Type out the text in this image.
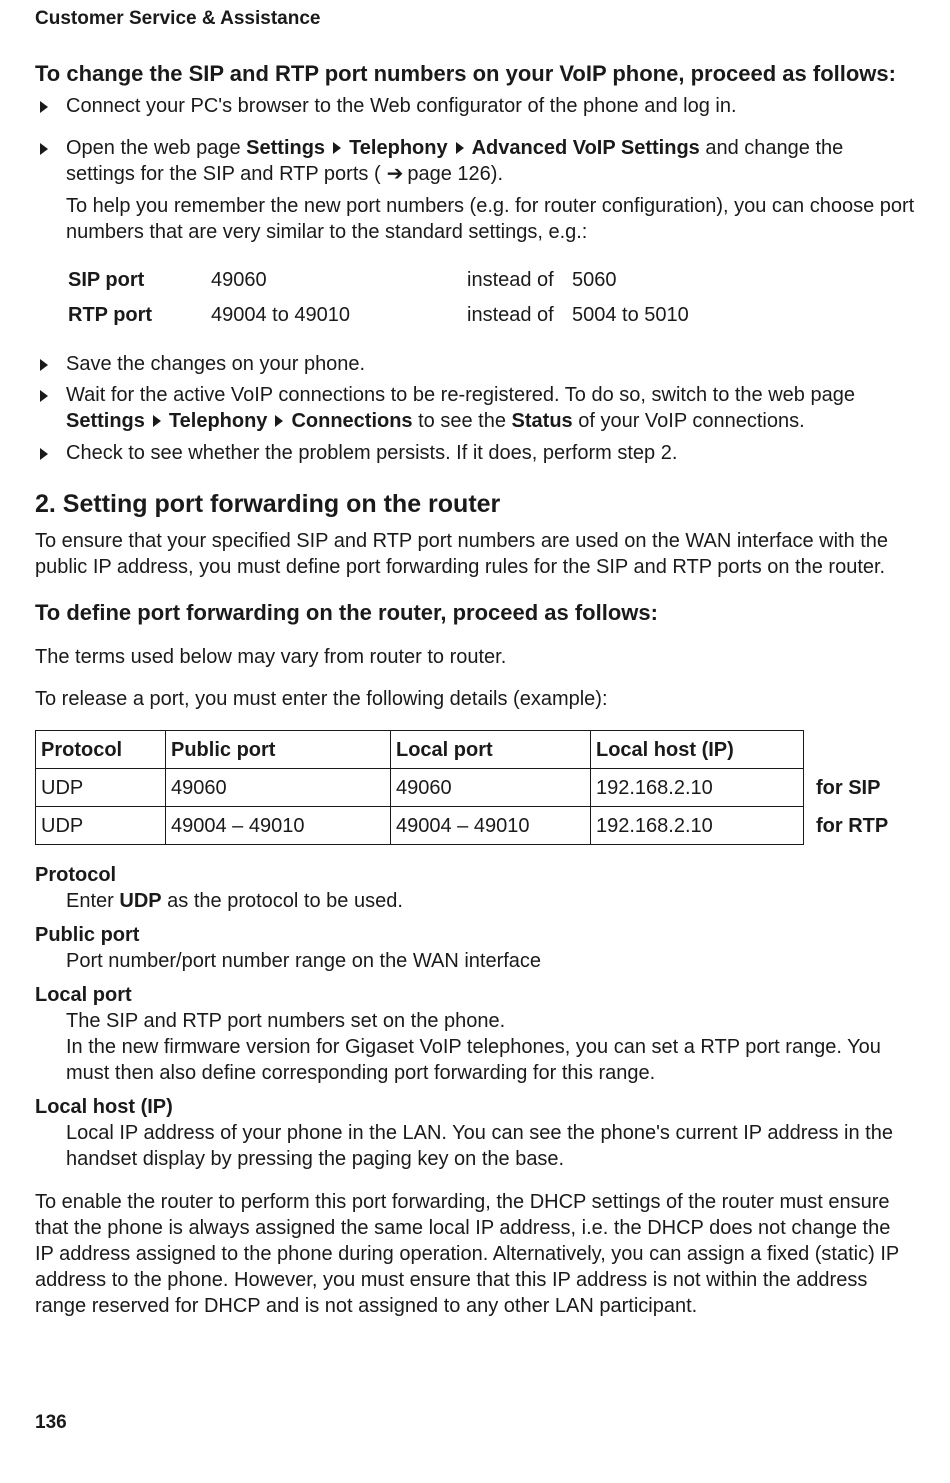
Customer Service & Assistance
To change the SIP and RTP port numbers on your VoIP phone, proceed as follows:
Connect your PC's browser to the Web configurator of the phone and log in.
Open the web page Settings Telephony Advanced VoIP Settings and change the
settings for the SIP and RTP ports ( ➔ page 126).
To help you remember the new port numbers (e.g. for router configuration), you can choose port numbers that are very similar to the standard settings, e.g.:
SIP port	49060	instead of 5060
RTP port	49004 to 49010	instead of 5004 to 5010
Save the changes on your phone.
Wait for the active VoIP connections to be re-registered. To do so, switch to the web page
Settings Telephony Connections to see the Status of your VoIP connections.
Check to see whether the problem persists. If it does, perform step 2.
2. Setting port forwarding on the router
To ensure that your specified SIP and RTP port numbers are used on the WAN interface with the public IP address, you must define port forwarding rules for the SIP and RTP ports on the router.
To define port forwarding on the router, proceed as follows:
The terms used below may vary from router to router.
To release a port, you must enter the following details (example):
Protocol	Public port	Local port	Local host (IP)
UDP	49060	49060	192.168.2.10
UDP	49004 – 49010	49004 – 49010	192.168.2.10
for SIP
for RTP
Protocol
Enter UDP as the protocol to be used.
Public port
Port number/port number range on the WAN interface
Local port
The SIP and RTP port numbers set on the phone.
In the new firmware version for Gigaset VoIP telephones, you can set a RTP port range. You must then also define corresponding port forwarding for this range.
Local host (IP)
Local IP address of your phone in the LAN. You can see the phone's current IP address in the handset display by pressing the paging key on the base.
To enable the router to perform this port forwarding, the DHCP settings of the router must ensure that the phone is always assigned the same local IP address, i.e. the DHCP does not change the IP address assigned to the phone during operation. Alternatively, you can assign a fixed (static) IP address to the phone. However, you must ensure that this IP address is not within the address range reserved for DHCP and is not assigned to any other LAN participant.
136
